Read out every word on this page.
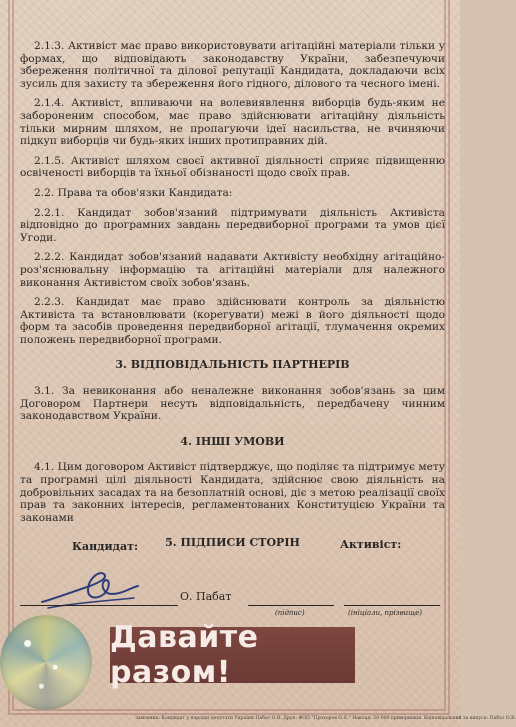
2.1.3. Активіст має право використовувати агітаційні матеріали тільки у формах, що відповідають законодавству України, забезпечуючи збереження політичної та ділової репутації Кандидата, докладаючи всіх зусиль для захисту та збереження його гідного, ділового та чесного імені.

2.1.4. Активіст, впливаючи на волевиявлення виборців будь-яким не забороненим способом, має право здійснювати агітаційну діяльність тільки мирним шляхом, не пропагуючи ідеї насильства, не вчиняючи підкуп виборців чи будь-яких інших протиправних дій.

2.1.5. Активіст шляхом своєї активної діяльності сприяє підвищенню освіченості виборців та їхньої обізнаності щодо своїх прав.

2.2. Права та обов'язки Кандидата:

2.2.1. Кандидат зобов'язаний підтримувати діяльність Активіста відповідно до програмних завдань передвиборної програми та умов цієї Угоди.

2.2.2. Кандидат зобов'язаний надавати Активісту необхідну агітаційно-роз'яснювальну інформацію та агітаційні матеріали для належного виконання Активістом своїх зобов'язань.

2.2.3. Кандидат має право здійснювати контроль за діяльністю Активіста та встановлювати (корегувати) межі в його діяльності щодо форм та засобів проведення передвиборної агітації, тлумачення окремих положень передвиборної програми.

3. ВІДПОВІДАЛЬНІСТЬ ПАРТНЕРІВ

3.1. За невиконання або неналежне виконання зобов'язань за цим Договором Партнери несуть відповідальність, передбачену чинним законодавством України.

4. ІНШІ УМОВИ

4.1. Цим договором Активіст підтверджує, що поділяє та підтримує мету та програмні цілі діяльності Кандидата, здійснює свою діяльність на добровільних засадах та на безоплатній основі, діє з метою реалізації своїх прав та законних інтересів, регламентованих Конституцією України та законами

5. ПІДПИСИ СТОРІН
Кандидат:	Активіст:
О. Пабат
(підпис)	(ініціали, прізвище)
Давайте разом!
Замовник: Кандидат у народні депутати України Пабат О.В. Друк: ФОП "Прохоров О.Є." Наклад: 50 000 примірників. Відповідальний за випуск: Пабат О.В.
